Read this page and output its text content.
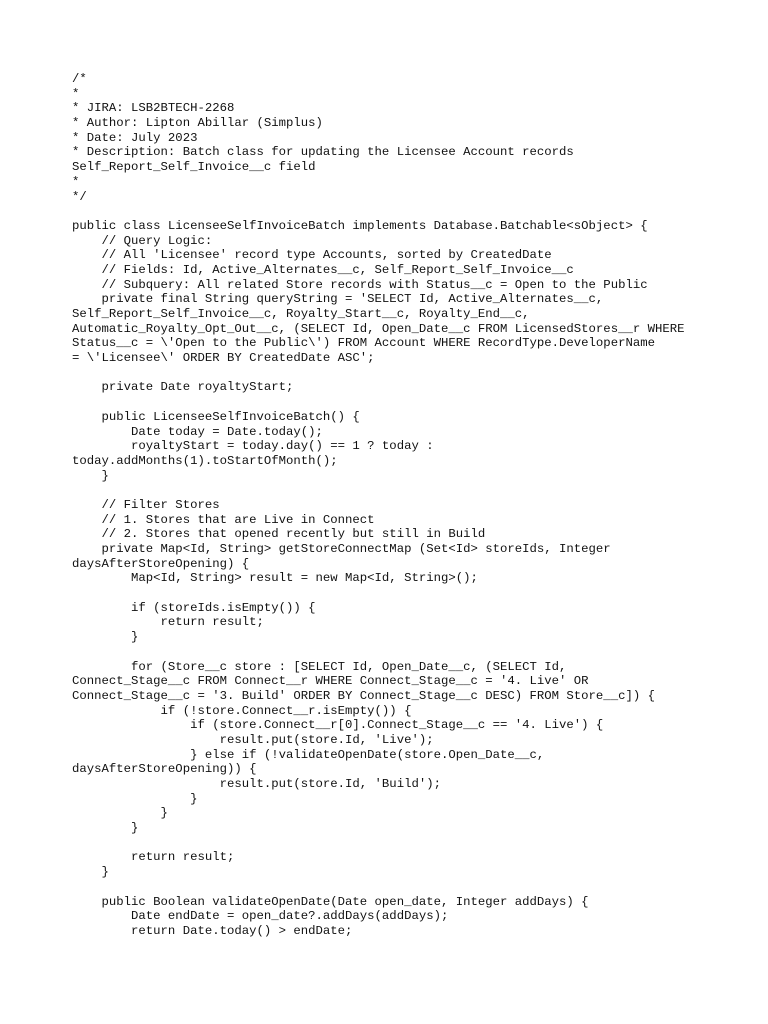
/*
*
* JIRA: LSB2BTECH-2268
* Author: Lipton Abillar (Simplus)
* Date: July 2023
* Description: Batch class for updating the Licensee Account records
Self_Report_Self_Invoice__c field
*
*/
public class LicenseeSelfInvoiceBatch implements Database.Batchable<sObject> {
// Query Logic:
// All 'Licensee' record type Accounts, sorted by CreatedDate
// Fields: Id, Active_Alternates__c, Self_Report_Self_Invoice__c
// Subquery: All related Store records with Status__c = Open to the Public
private final String queryString = 'SELECT Id, Active_Alternates__c,
Self_Report_Self_Invoice__c, Royalty_Start__c, Royalty_End__c,
Automatic_Royalty_Opt_Out__c, (SELECT Id, Open_Date__c FROM LicensedStores__r WHERE
Status__c = \'Open to the Public\') FROM Account WHERE RecordType.DeveloperName
= \'Licensee\' ORDER BY CreatedDate ASC';
private Date royaltyStart;
public LicenseeSelfInvoiceBatch() {
Date today = Date.today();
royaltyStart = today.day() == 1 ? today :
today.addMonths(1).toStartOfMonth();
}
// Filter Stores
// 1. Stores that are Live in Connect
// 2. Stores that opened recently but still in Build
private Map<Id, String> getStoreConnectMap (Set<Id> storeIds, Integer
daysAfterStoreOpening) {
Map<Id, String> result = new Map<Id, String>();
if (storeIds.isEmpty()) {
return result;
}
for (Store__c store : [SELECT Id, Open_Date__c, (SELECT Id,
Connect_Stage__c FROM Connect__r WHERE Connect_Stage__c = '4. Live' OR
Connect_Stage__c = '3. Build' ORDER BY Connect_Stage__c DESC) FROM Store__c]) {
if (!store.Connect__r.isEmpty()) {
if (store.Connect__r[0].Connect_Stage__c == '4. Live') {
result.put(store.Id, 'Live');
} else if (!validateOpenDate(store.Open_Date__c,
daysAfterStoreOpening)) {
result.put(store.Id, 'Build');
}
}
}
return result;
}
public Boolean validateOpenDate(Date open_date, Integer addDays) {
Date endDate = open_date?.addDays(addDays);
return Date.today() > endDate;
